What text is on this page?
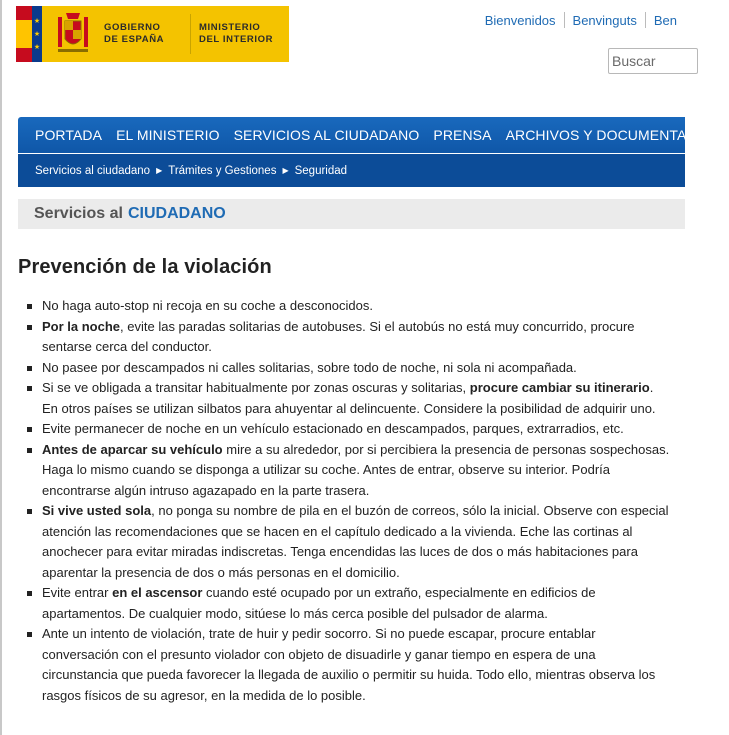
★
★
★
GOBIERNO
DE ESPAÑA
MINISTERIO
DEL INTERIOR
Bienvenidos	Benvinguts	Ben
Buscar
PORTADA	EL MINISTERIO	SERVICIOS AL CIUDADANO	PRENSA	ARCHIVOS Y DOCUMENTACIÓN
Servicios al ciudadano ▶ Trámites y Gestiones ▶ Seguridad
Servicios al CIUDADANO
Prevención de la violación
No haga auto-stop ni recoja en su coche a desconocidos.
Por la noche, evite las paradas solitarias de autobuses. Si el autobús no está muy concurrido, procure sentarse cerca del conductor.
No pasee por descampados ni calles solitarias, sobre todo de noche, ni sola ni acompañada.
Si se ve obligada a transitar habitualmente por zonas oscuras y solitarias, procure cambiar su itinerario. En otros países se utilizan silbatos para ahuyentar al delincuente. Considere la posibilidad de adquirir uno.
Evite permanecer de noche en un vehículo estacionado en descampados, parques, extrarradios, etc.
Antes de aparcar su vehículo mire a su alrededor, por si percibiera la presencia de personas sospechosas. Haga lo mismo cuando se disponga a utilizar su coche. Antes de entrar, observe su interior. Podría encontrarse algún intruso agazapado en la parte trasera.
Si vive usted sola, no ponga su nombre de pila en el buzón de correos, sólo la inicial. Observe con especial atención las recomendaciones que se hacen en el capítulo dedicado a la vivienda. Eche las cortinas al anochecer para evitar miradas indiscretas. Tenga encendidas las luces de dos o más habitaciones para aparentar la presencia de dos o más personas en el domicilio.
Evite entrar en el ascensor cuando esté ocupado por un extraño, especialmente en edificios de apartamentos. De cualquier modo, sitúese lo más cerca posible del pulsador de alarma.
Ante un intento de violación, trate de huir y pedir socorro. Si no puede escapar, procure entablar conversación con el presunto violador con objeto de disuadirle y ganar tiempo en espera de una circunstancia que pueda favorecer la llegada de auxilio o permitir su huida. Todo ello, mientras observa los rasgos físicos de su agresor, en la medida de lo posible.
